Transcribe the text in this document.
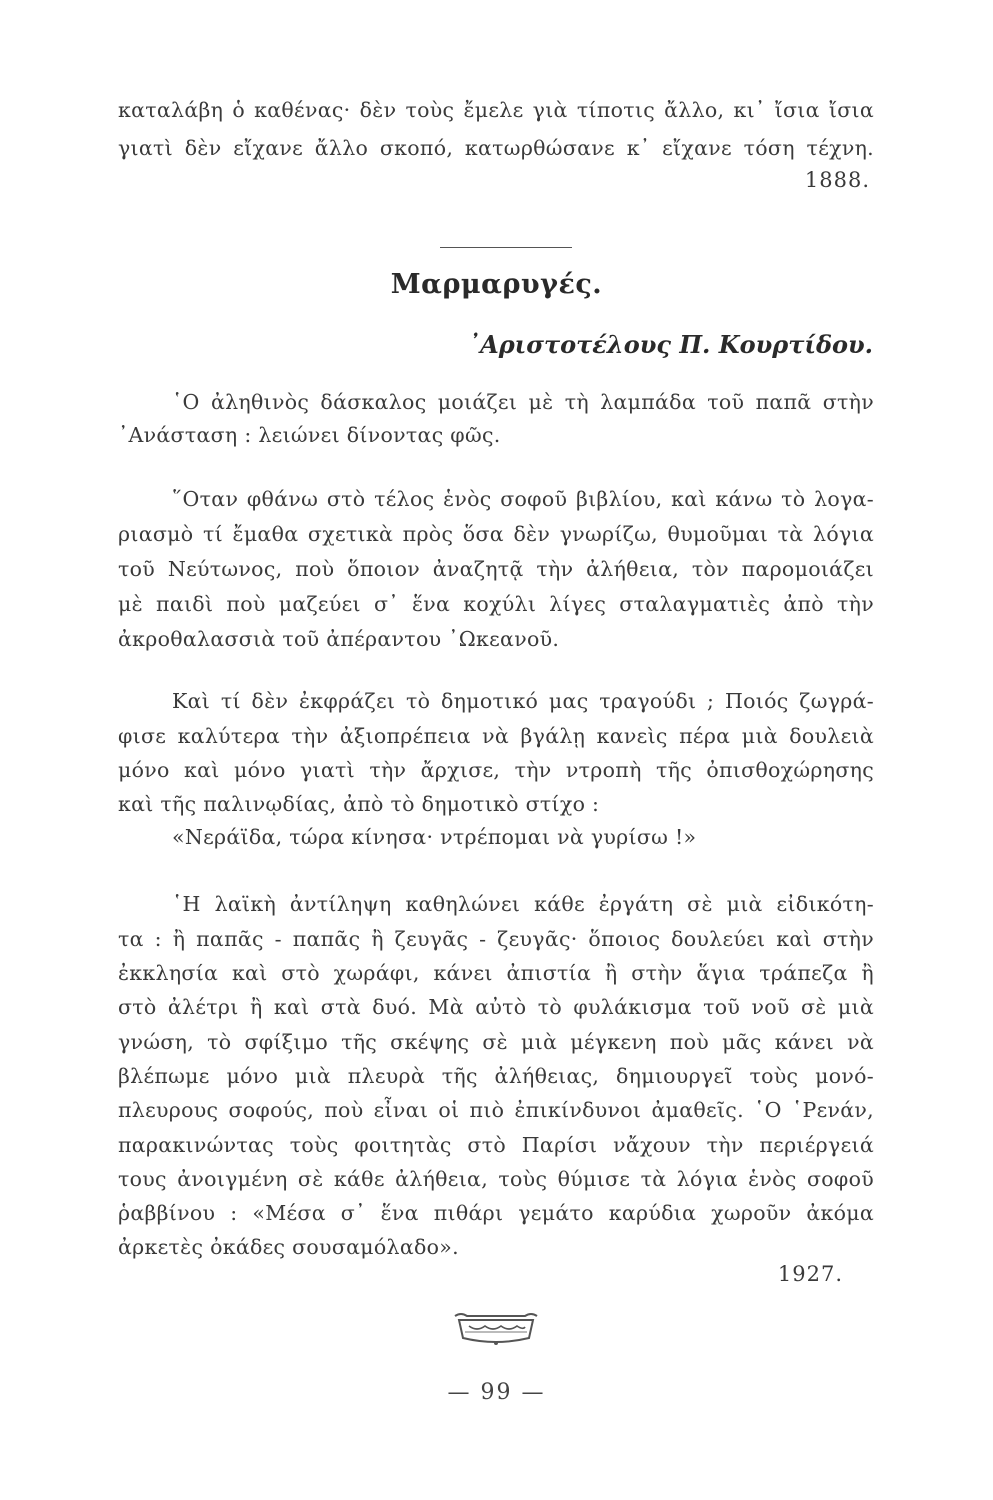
καταλάβη ὁ καθένας· δὲν τοὺς ἔμελε γιὰ τίποτις ἄλλο, κι᾽ ἴσια ἴσια
γιατὶ δὲν εἴχανε ἄλλο σκοπό, κατωρθώσανε κ᾽ εἴχανε τόση τέχνη.
1888.
Μαρμαρυγές.
᾽Αριστοτέλους Π. Κουρτίδου.
῾Ο ἀληθινὸς δάσκαλος μοιάζει μὲ τὴ λαμπάδα τοῦ παπᾶ στὴν
᾽Ανάσταση : λειώνει δίνοντας φῶς.
῞Οταν φθάνω στὸ τέλος ἑνὸς σοφοῦ βιβλίου, καὶ κάνω τὸ λογα-
ριασμὸ τί ἔμαθα σχετικὰ πρὸς ὅσα δὲν γνωρίζω, θυμοῦμαι τὰ λόγια
τοῦ Νεύτωνος, ποὺ ὅποιον ἀναζητᾷ τὴν ἀλήθεια, τὸν παρομοιάζει
μὲ παιδὶ ποὺ μαζεύει σ᾽ ἕνα κοχύλι λίγες σταλαγματιὲς ἀπὸ τὴν
ἀκροθαλασσιὰ τοῦ ἀπέραντου ᾽Ωκεανοῦ.
Καὶ τί δὲν ἐκφράζει τὸ δημοτικό μας τραγούδι ; Ποιός ζωγρά-
φισε καλύτερα τὴν ἀξιοπρέπεια νὰ βγάλῃ κανεὶς πέρα μιὰ δουλειὰ
μόνο καὶ μόνο γιατὶ τὴν ἄρχισε, τὴν ντροπὴ τῆς ὀπισθοχώρησης
καὶ τῆς παλινῳδίας, ἀπὸ τὸ δημοτικὸ στίχο :
«Νεράϊδα, τώρα κίνησα· ντρέπομαι νὰ γυρίσω !»
῾Η λαϊκὴ ἀντίληψη καθηλώνει κάθε ἐργάτη σὲ μιὰ εἰδικότη-
τα : ἢ παπᾶς - παπᾶς ἢ ζευγᾶς - ζευγᾶς· ὅποιος δουλεύει καὶ στὴν
ἐκκλησία καὶ στὸ χωράφι, κάνει ἀπιστία ἢ στὴν ἅγια τράπεζα ἢ
στὸ ἀλέτρι ἢ καὶ στὰ δυό. Μὰ αὐτὸ τὸ φυλάκισμα τοῦ νοῦ σὲ μιὰ
γνώση, τὸ σφίξιμο τῆς σκέψης σὲ μιὰ μέγκενη ποὺ μᾶς κάνει νὰ
βλέπωμε μόνο μιὰ πλευρὰ τῆς ἀλήθειας, δημιουργεῖ τοὺς μονό-
πλευρους σοφούς, ποὺ εἶναι οἱ πιὸ ἐπικίνδυνοι ἀμαθεῖς. ῾Ο ῾Ρενάν,
παρακινώντας τοὺς φοιτητὰς στὸ Παρίσι νἄχουν τὴν περιέργειά
τους ἀνοιγμένη σὲ κάθε ἀλήθεια, τοὺς θύμισε τὰ λόγια ἑνὸς σοφοῦ
ῥαββίνου : «Μέσα σ᾽ ἕνα πιθάρι γεμάτο καρύδια χωροῦν ἀκόμα
ἀρκετὲς ὀκάδες σουσαμόλαδο».
1927.
— 99 —
